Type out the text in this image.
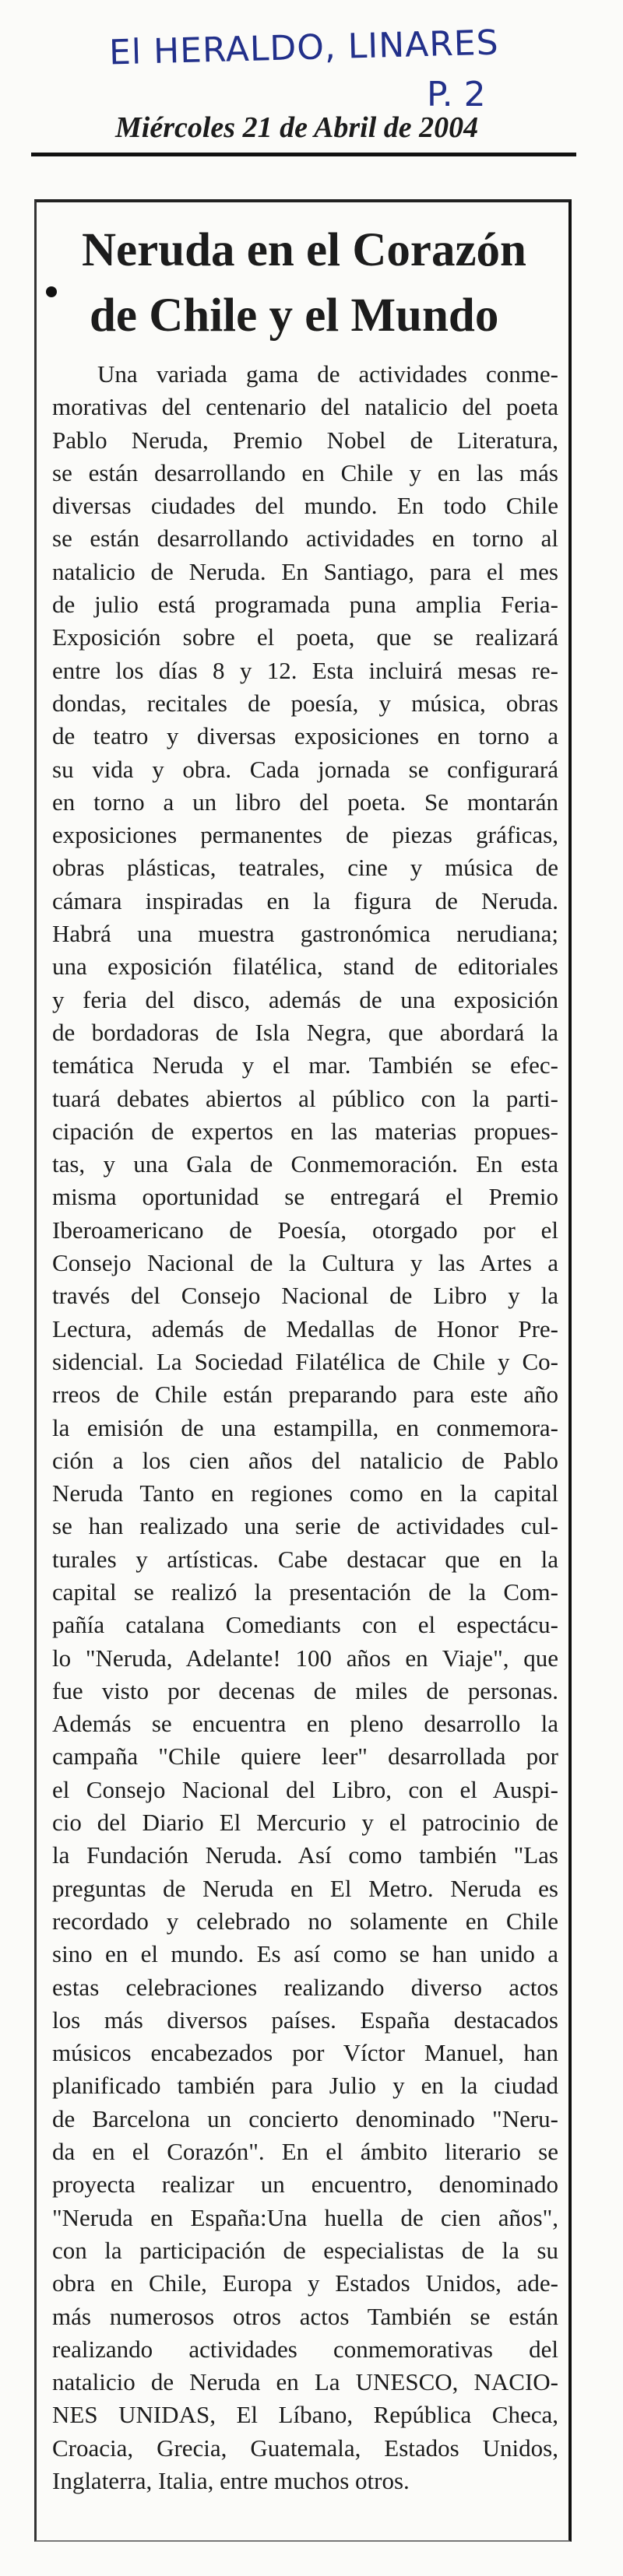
El HERALDO, LINARES
P. 2
Miércoles 21 de Abril de 2004
Neruda en el Corazón
de Chile y el Mundo

Una variada gama de actividades conme-
morativas del centenario del natalicio del poeta
Pablo Neruda, Premio Nobel de Literatura,
se están desarrollando en Chile y en las más
diversas ciudades del mundo. En todo Chile
se están desarrollando actividades en torno al
natalicio de Neruda. En Santiago, para el mes
de julio está programada puna amplia Feria-
Exposición sobre el poeta, que se realizará
entre los días 8 y 12. Esta incluirá mesas re-
dondas, recitales de poesía, y música, obras
de teatro y diversas exposiciones en torno a
su vida y obra. Cada jornada se configurará
en torno a un libro del poeta. Se montarán
exposiciones permanentes de piezas gráficas,
obras plásticas, teatrales, cine y música de
cámara inspiradas en la figura de Neruda.
Habrá una muestra gastronómica nerudiana;
una exposición filatélica, stand de editoriales
y feria del disco, además de una exposición
de bordadoras de Isla Negra, que abordará la
temática Neruda y el mar. También se efec-
tuará debates abiertos al público con la parti-
cipación de expertos en las materias propues-
tas, y una Gala de Conmemoración. En esta
misma oportunidad se entregará el Premio
Iberoamericano de Poesía, otorgado por el
Consejo Nacional de la Cultura y las Artes a
través del Consejo Nacional de Libro y la
Lectura, además de Medallas de Honor Pre-
sidencial. La Sociedad Filatélica de Chile y Co-
rreos de Chile están preparando para este año
la emisión de una estampilla, en conmemora-
ción a los cien años del natalicio de Pablo
Neruda Tanto en regiones como en la capital
se han realizado una serie de actividades cul-
turales y artísticas. Cabe destacar que en la
capital se realizó la presentación de la Com-
pañía catalana Comediants con el espectácu-
lo "Neruda, Adelante! 100 años en Viaje", que
fue visto por decenas de miles de personas.
Además se encuentra en pleno desarrollo la
campaña "Chile quiere leer" desarrollada por
el Consejo Nacional del Libro, con el Auspi-
cio del Diario El Mercurio y el patrocinio de
la Fundación Neruda. Así como también "Las
preguntas de Neruda en El Metro. Neruda es
recordado y celebrado no solamente en Chile
sino en el mundo. Es así como se han unido a
estas celebraciones realizando diverso actos
los más diversos países. España destacados
músicos encabezados por Víctor Manuel, han
planificado también para Julio y en la ciudad
de Barcelona un concierto denominado "Neru-
da en el Corazón". En el ámbito literario se
proyecta realizar un encuentro, denominado
"Neruda en España:Una huella de cien años",
con la participación de especialistas de la su
obra en Chile, Europa y Estados Unidos, ade-
más numerosos otros actos También se están
realizando actividades conmemorativas del
natalicio de Neruda en La UNESCO, NACIO-
NES UNIDAS, El Líbano, República Checa,
Croacia, Grecia, Guatemala, Estados Unidos,
Inglaterra, Italia, entre muchos otros.
